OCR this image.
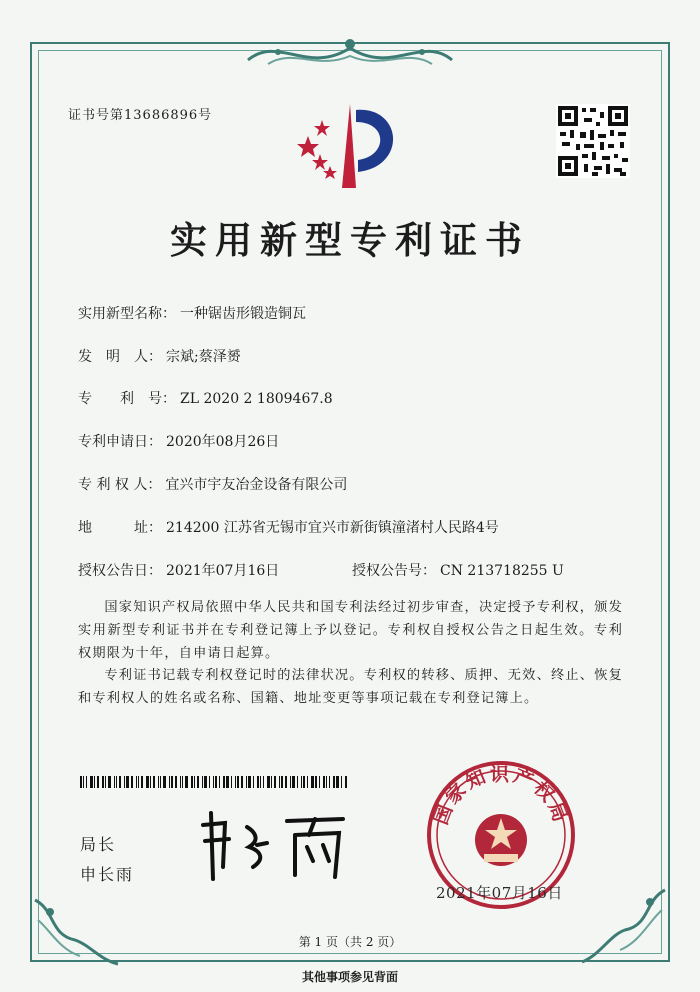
证书号第13686896号
实用新型专利证书
实用新型名称： 一种锯齿形锻造铜瓦
发　明　人： 宗斌;蔡泽赟
专　　利　号： ZL 2020 2 1809467.8
专利申请日： 2020年08月26日
专 利 权 人： 宜兴市宇友冶金设备有限公司
地　　　址： 214200 江苏省无锡市宜兴市新街镇潼渚村人民路4号
授权公告日： 2021年07月16日	授权公告号： CN 213718255 U
国家知识产权局依照中华人民共和国专利法经过初步审查，决定授予专利权，颁发实用新型专利证书并在专利登记簿上予以登记。专利权自授权公告之日起生效。专利权期限为十年，自申请日起算。
专利证书记载专利权登记时的法律状况。专利权的转移、质押、无效、终止、恢复和专利权人的姓名或名称、国籍、地址变更等事项记载在专利登记簿上。
局长
申长雨
国家知识产权局
2021年07月16日
第 1 页（共 2 页）
其他事项参见背面
